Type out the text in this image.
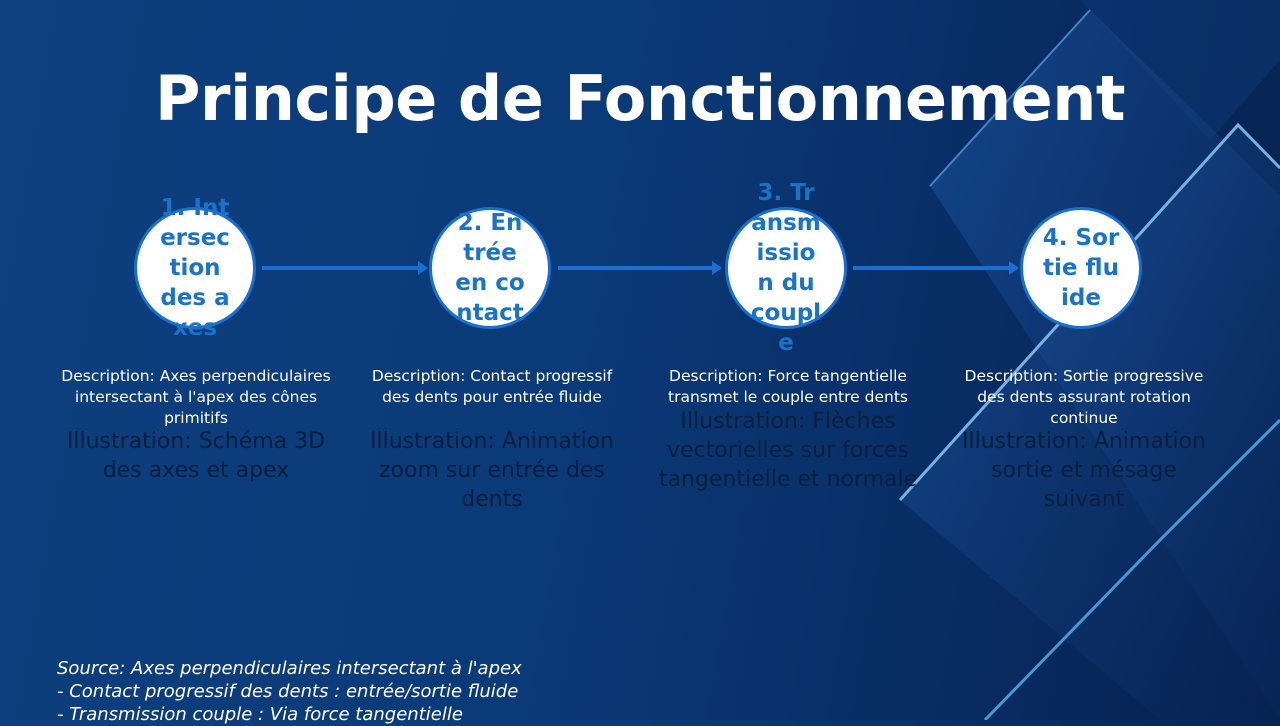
Principe de Fonctionnement
1. Intersection des axes
2. Entrée en contact
3. Transmission du couple
4. Sortie fluide
Description: Axes perpendiculaires intersectant à l'apex des cônes primitifs
Description: Contact progressif des dents pour entrée fluide
Description: Force tangentielle transmet le couple entre dents
Description: Sortie progressive des dents assurant rotation continue
Illustration: Schéma 3D des axes et apex
Illustration: Animation zoom sur entrée des dents
Illustration: Flèches vectorielles sur forces tangentielle et normale
Illustration: Animation sortie et mésage suivant
Source: Axes perpendiculaires intersectant à l'apex
- Contact progressif des dents : entrée/sortie fluide
- Transmission couple : Via force tangentielle
